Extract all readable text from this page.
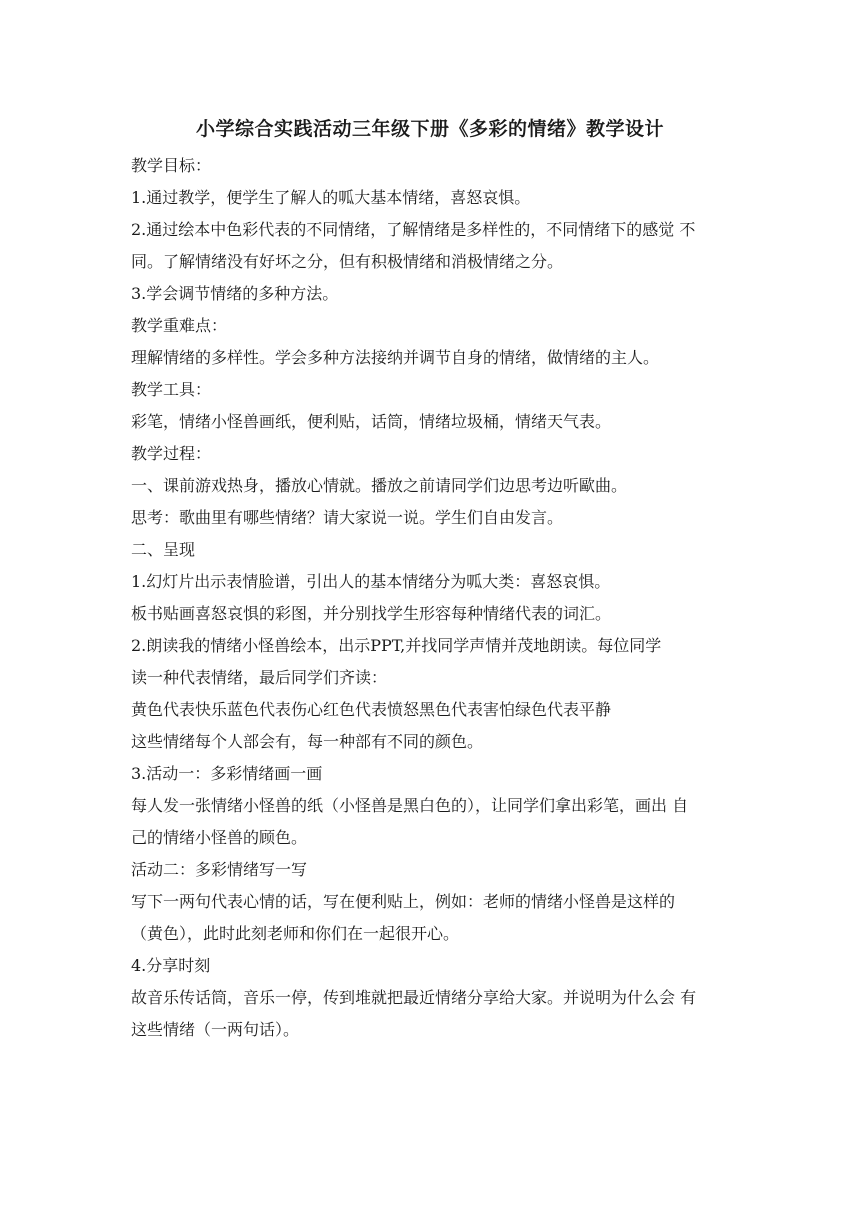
小学综合实践活动三年级下册《多彩的情绪》教学设计

教学目标：

1.通过教学，便学生了解人的呱大基本情绪，喜怒哀惧。

2.通过绘本中色彩代表的不同情绪，了解情绪是多样性的，不同情绪下的感觉 不

同。了解情绪没有好坏之分，但有积极情绪和消极情绪之分。

3.学会调节情绪的多种方法。

教学重难点：

理解情绪的多样性。学会多种方法接纳并调节自身的情绪，做情绪的主人。

教学工具：

彩笔，情绪小怪兽画纸，便利贴，话筒，情绪垃圾桶，情绪天气表。

教学过程：

一、课前游戏热身，播放心情就。播放之前请同学们边思考边听歐曲。

思考：歌曲里有哪些情绪？请大家说一说。学生们自由发言。

二、呈现

1.幻灯片出示表情脸谱，引出人的基本情绪分为呱大类：喜怒哀惧。

板书贴画喜怒哀惧的彩图，并分别找学生形容每种情绪代表的词汇。

2.朗读我的情绪小怪兽绘本，出示PPT,并找同学声情并茂地朗读。每位同学

读一种代表情绪，最后同学们齐读：

黄色代表快乐蓝色代表伤心红色代表愤怒黑色代表害怕绿色代表平静

这些情绪每个人部会有，每一种部有不同的颜色。

3.活动一：多彩情绪画一画

每人发一张情绪小怪兽的纸（小怪兽是黑白色的），让同学们拿出彩笔，画出 自

己的情绪小怪兽的顾色。

活动二：多彩情绪写一写

写下一两句代表心情的话，写在便利贴上，例如：老师的情绪小怪兽是这样的

（黄色），此时此刻老师和你们在一起很开心。

4.分享时刻

故音乐传话筒，音乐一停，传到堆就把最近情绪分享给大家。并说明为什么会 有

这些情绪（一两句话）。
